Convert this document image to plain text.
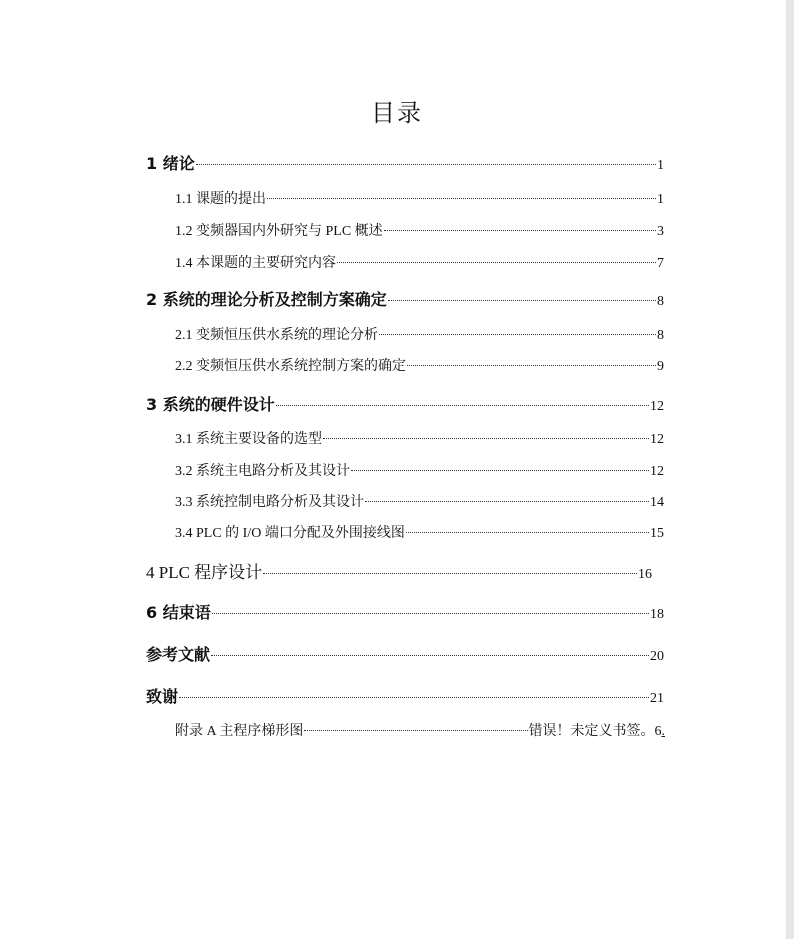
目录
1 绪论	1
1.1 课题的提出	1
1.2 变频器国内外研究与 PLC 概述	3
1.4 本课题的主要研究内容	7
2 系统的理论分析及控制方案确定	8
2.1 变频恒压供水系统的理论分析	8
2.2 变频恒压供水系统控制方案的确定	9
3 系统的硬件设计	12
3.1 系统主要设备的选型	12
3.2 系统主电路分析及其设计	12
3.3 系统控制电路分析及其设计	14
3.4 PLC 的 I/O 端口分配及外围接线图	15
4 PLC 程序设计	16
6 结束语	18
参考文献	20
致谢	21
附录 A 主程序梯形图	错误！未定义书签。6 .
